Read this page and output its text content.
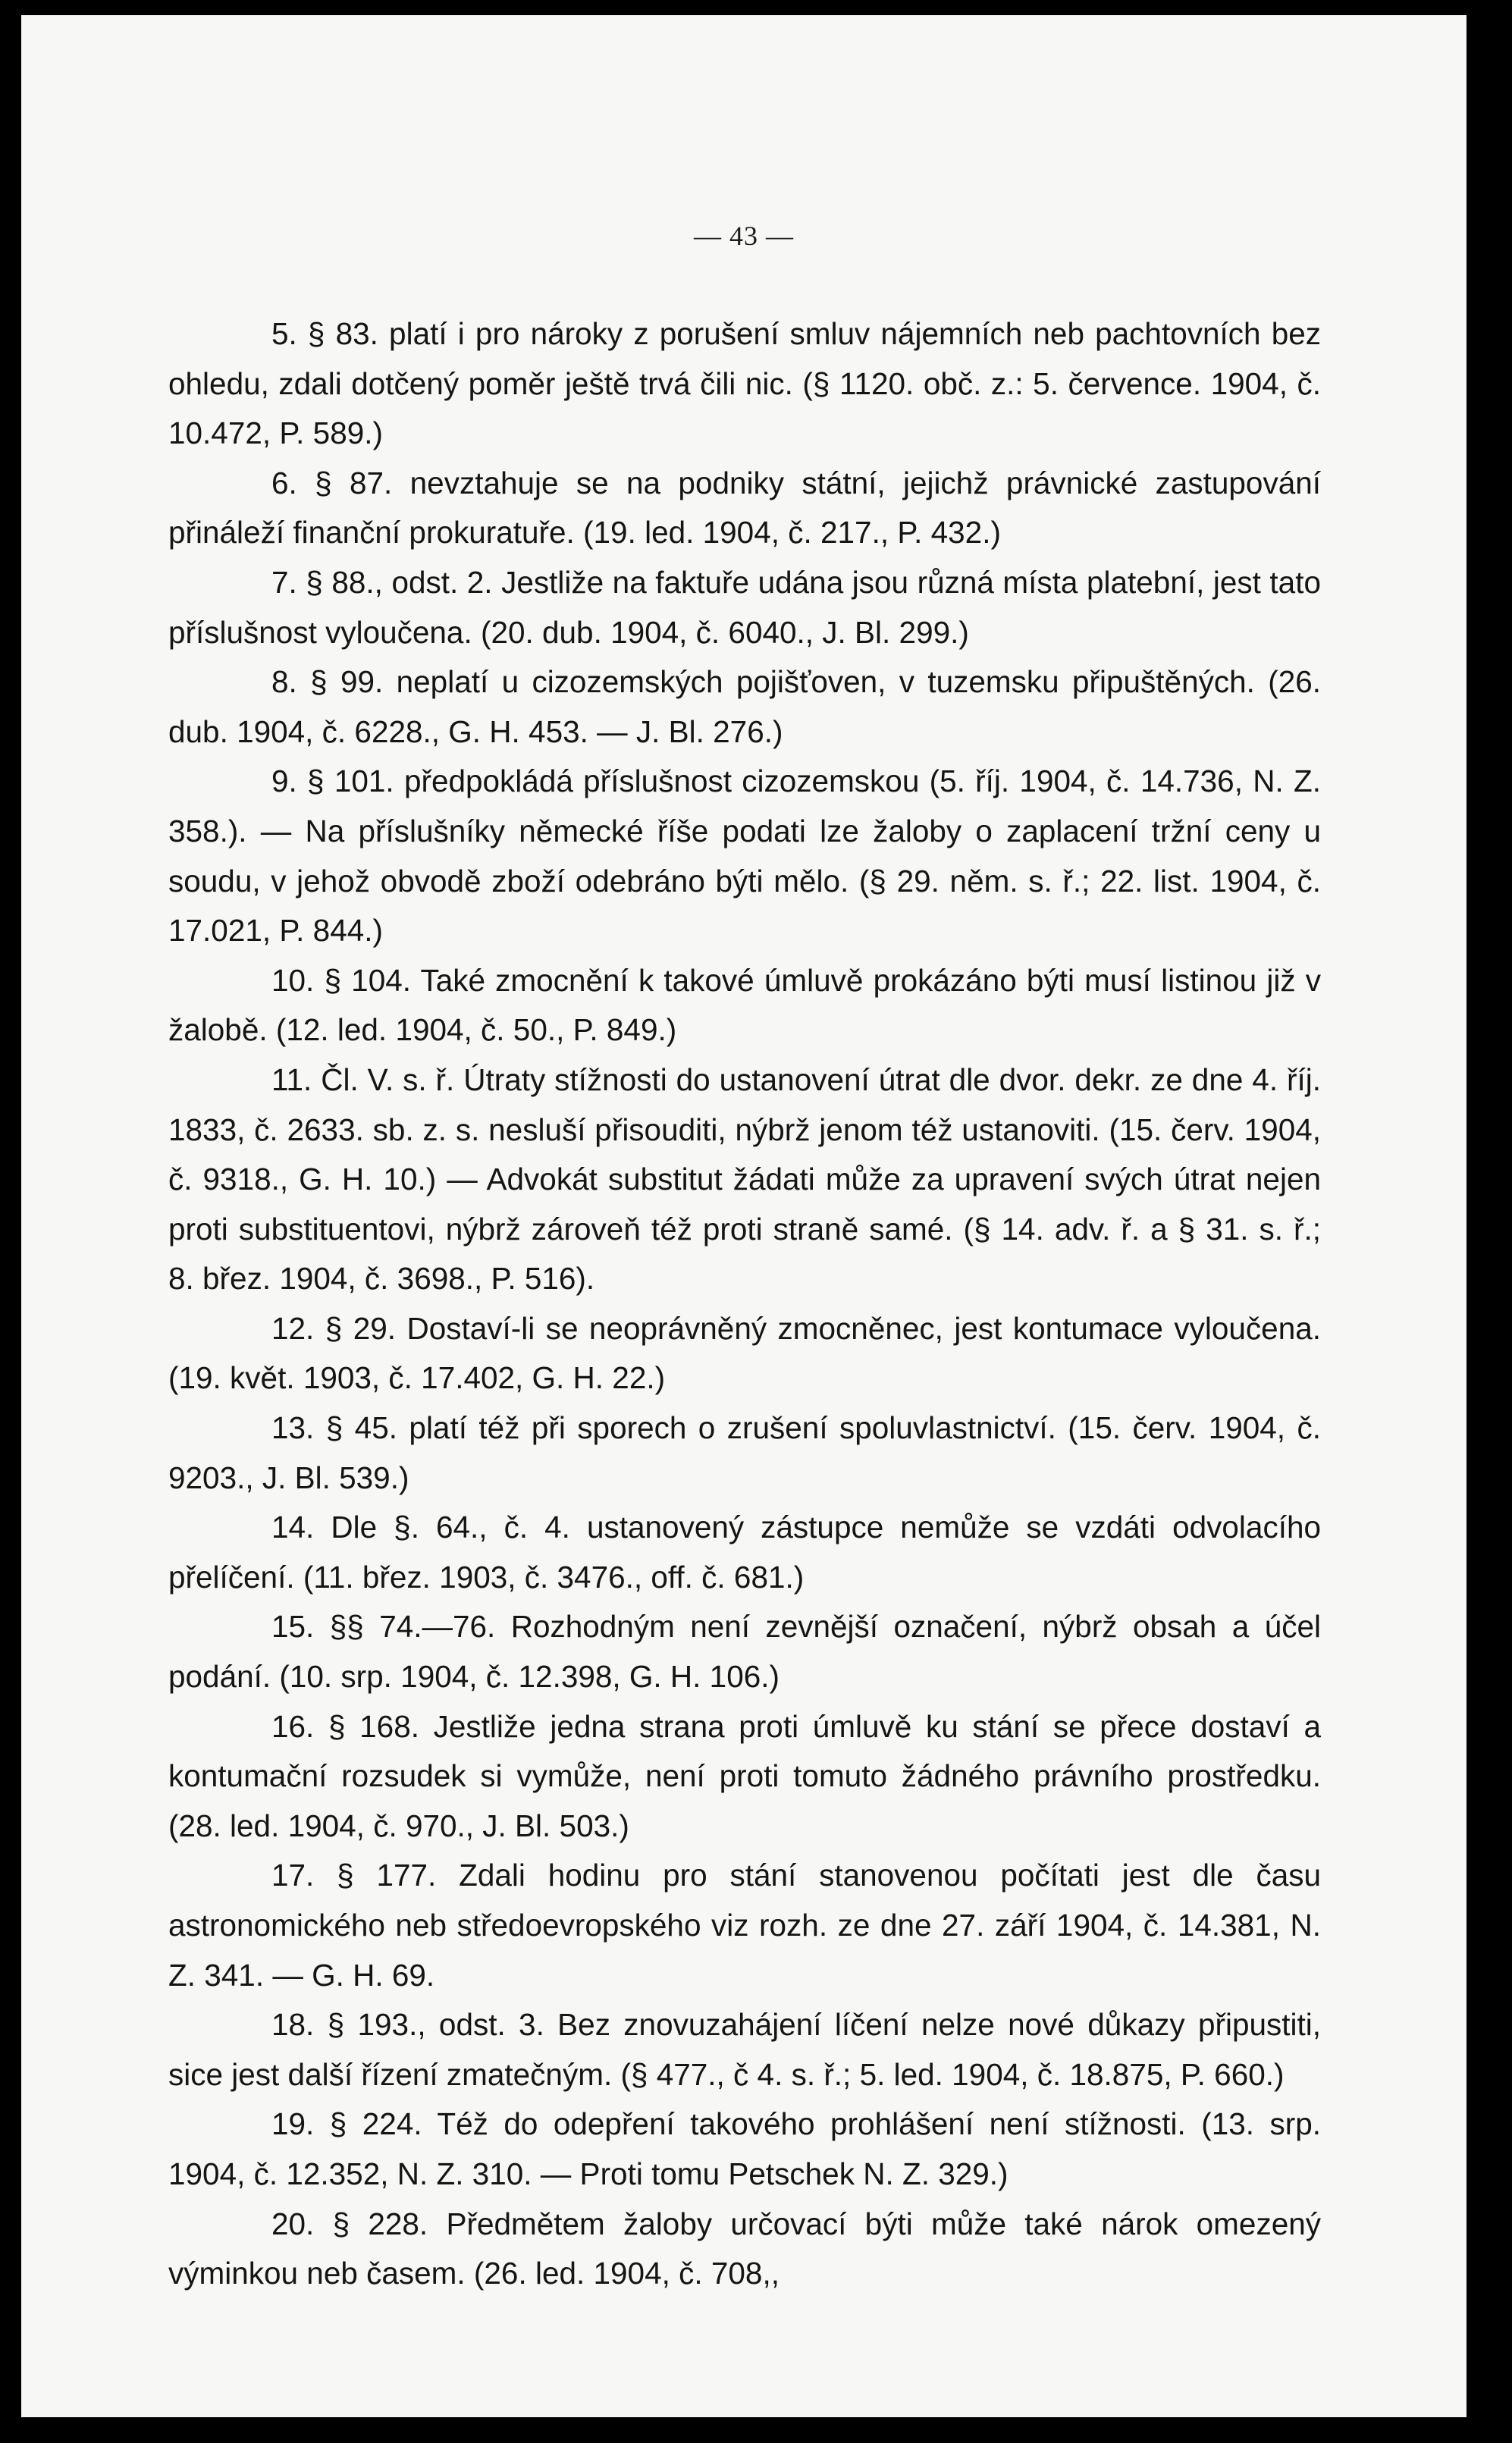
— 43 —

5. § 83. platí i pro nároky z porušení smluv nájemních neb pachtovních bez ohledu, zdali dotčený poměr ještě trvá čili nic. (§ 1120. obč. z.: 5. července. 1904, č. 10.472, P. 589.)

6. § 87. nevztahuje se na podniky státní, jejichž právnické zastupování přináleží finanční prokuratuře. (19. led. 1904, č. 217., P. 432.)

7. § 88., odst. 2. Jestliže na faktuře udána jsou různá místa platební, jest tato příslušnost vyloučena. (20. dub. 1904, č. 6040., J. Bl. 299.)

8. § 99. neplatí u cizozemských pojišťoven, v tuzemsku připuštěných. (26. dub. 1904, č. 6228., G. H. 453. — J. Bl. 276.)

9. § 101. předpokládá příslušnost cizozemskou (5. říj. 1904, č. 14.736, N. Z. 358.). — Na příslušníky německé říše podati lze žaloby o zaplacení tržní ceny u soudu, v jehož obvodě zboží odebráno býti mělo. (§ 29. něm. s. ř.; 22. list. 1904, č. 17.021, P. 844.)

10. § 104. Také zmocnění k takové úmluvě prokázáno býti musí listinou již v žalobě. (12. led. 1904, č. 50., P. 849.)

11. Čl. V. s. ř. Útraty stížnosti do ustanovení útrat dle dvor. dekr. ze dne 4. říj. 1833, č. 2633. sb. z. s. nesluší přisouditi, nýbrž jenom též ustanoviti. (15. červ. 1904, č. 9318., G. H. 10.) — Advokát substitut žádati může za upravení svých útrat nejen proti substituentovi, nýbrž zároveň též proti straně samé. (§ 14. adv. ř. a § 31. s. ř.; 8. břez. 1904, č. 3698., P. 516).

12. § 29. Dostaví-li se neoprávněný zmocněnec, jest kontumace vyloučena. (19. květ. 1903, č. 17.402, G. H. 22.)

13. § 45. platí též při sporech o zrušení spoluvlastnictví. (15. červ. 1904, č. 9203., J. Bl. 539.)

14. Dle §. 64., č. 4. ustanovený zástupce nemůže se vzdáti odvolacího přelíčení. (11. břez. 1903, č. 3476., off. č. 681.)

15. §§ 74.—76. Rozhodným není zevnější označení, nýbrž obsah a účel podání. (10. srp. 1904, č. 12.398, G. H. 106.)

16. § 168. Jestliže jedna strana proti úmluvě ku stání se přece dostaví a kontumační rozsudek si vymůže, není proti tomuto žádného právního prostředku. (28. led. 1904, č. 970., J. Bl. 503.)

17. § 177. Zdali hodinu pro stání stanovenou počítati jest dle času astronomického neb středoevropského viz rozh. ze dne 27. září 1904, č. 14.381, N. Z. 341. — G. H. 69.

18. § 193., odst. 3. Bez znovuzahájení líčení nelze nové důkazy připustiti, sice jest další řízení zmatečným. (§ 477., č 4. s. ř.; 5. led. 1904, č. 18.875, P. 660.)

19. § 224. Též do odepření takového prohlášení není stížnosti. (13. srp. 1904, č. 12.352, N. Z. 310. — Proti tomu Petschek N. Z. 329.)

20. § 228. Předmětem žaloby určovací býti může také nárok omezený výminkou neb časem. (26. led. 1904, č. 708,,
